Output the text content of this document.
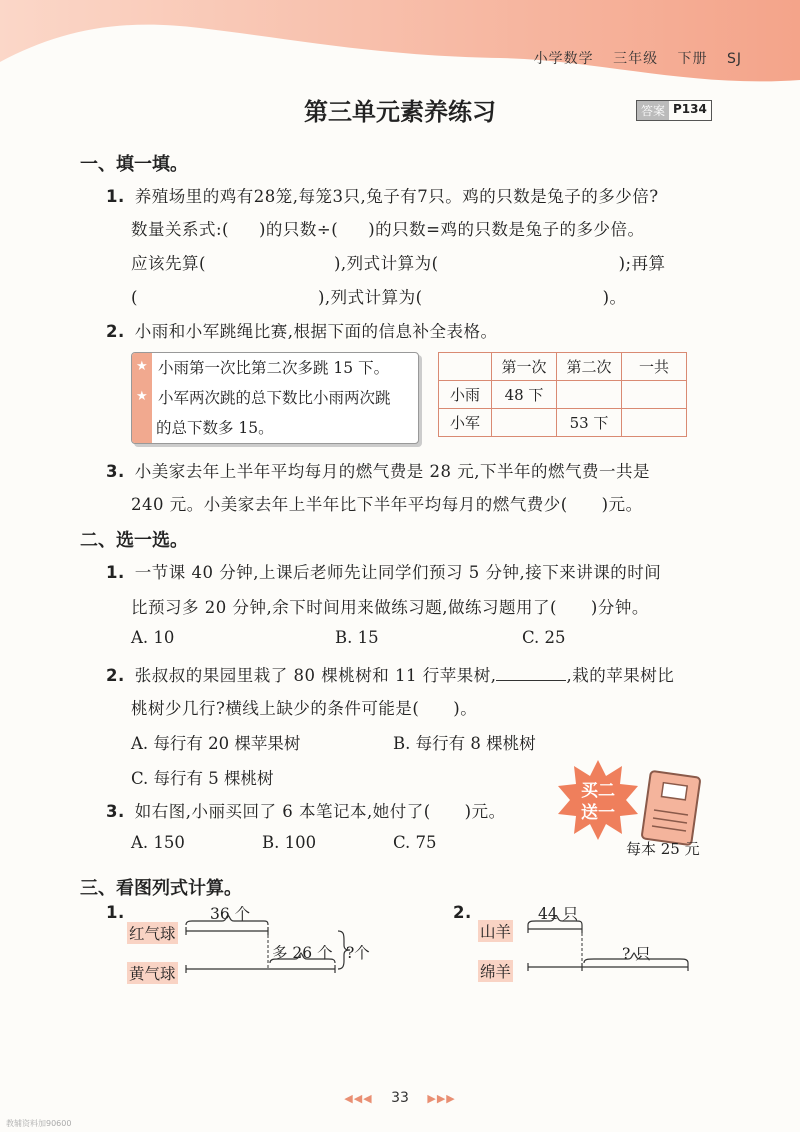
小学数学 三年级 下册 SJ
第三单元素养练习	答案 P134
一、填一填。
1. 养殖场里的鸡有28笼,每笼3只,兔子有7只。鸡的只数是兔子的多少倍?
数量关系式:( )的只数÷( )的只数=鸡的只数是兔子的多少倍。
应该先算(	),列式计算为(	);再算
(	),列式计算为(	)。
2. 小雨和小军跳绳比赛,根据下面的信息补全表格。
★
★
小雨第一次比第二次多跳 15 下。
小军两次跳的总下数比小雨两次跳
的总下数多 15。
	第一次	第二次	一共
小雨	48 下		
小军		53 下	
3. 小美家去年上半年平均每月的燃气费是 28 元,下半年的燃气费一共是
240 元。小美家去年上半年比下半年平均每月的燃气费少(　　)元。
二、选一选。
1. 一节课 40 分钟,上课后老师先让同学们预习 5 分钟,接下来讲课的时间
比预习多 20 分钟,余下时间用来做练习题,做练习题用了(　　)分钟。
A. 10	B. 15	C. 25
2. 张叔叔的果园里栽了 80 棵桃树和 11 行苹果树,	,栽的苹果树比
桃树少几行?横线上缺少的条件可能是(　　)。
A. 每行有 20 棵苹果树	B. 每行有 8 棵桃树
C. 每行有 5 棵桃树
3. 如右图,小丽买回了 6 本笔记本,她付了(　　)元。
A. 150	B. 100	C. 75
买二
送一
每本 25 元
三、看图列式计算。
1.
红气球
黄气球
36 个
多 26 个 ?个
2.
山羊
绵羊
44 只
? 只
◀◀◀ 33 ▶▶▶
教辅资料加90600
